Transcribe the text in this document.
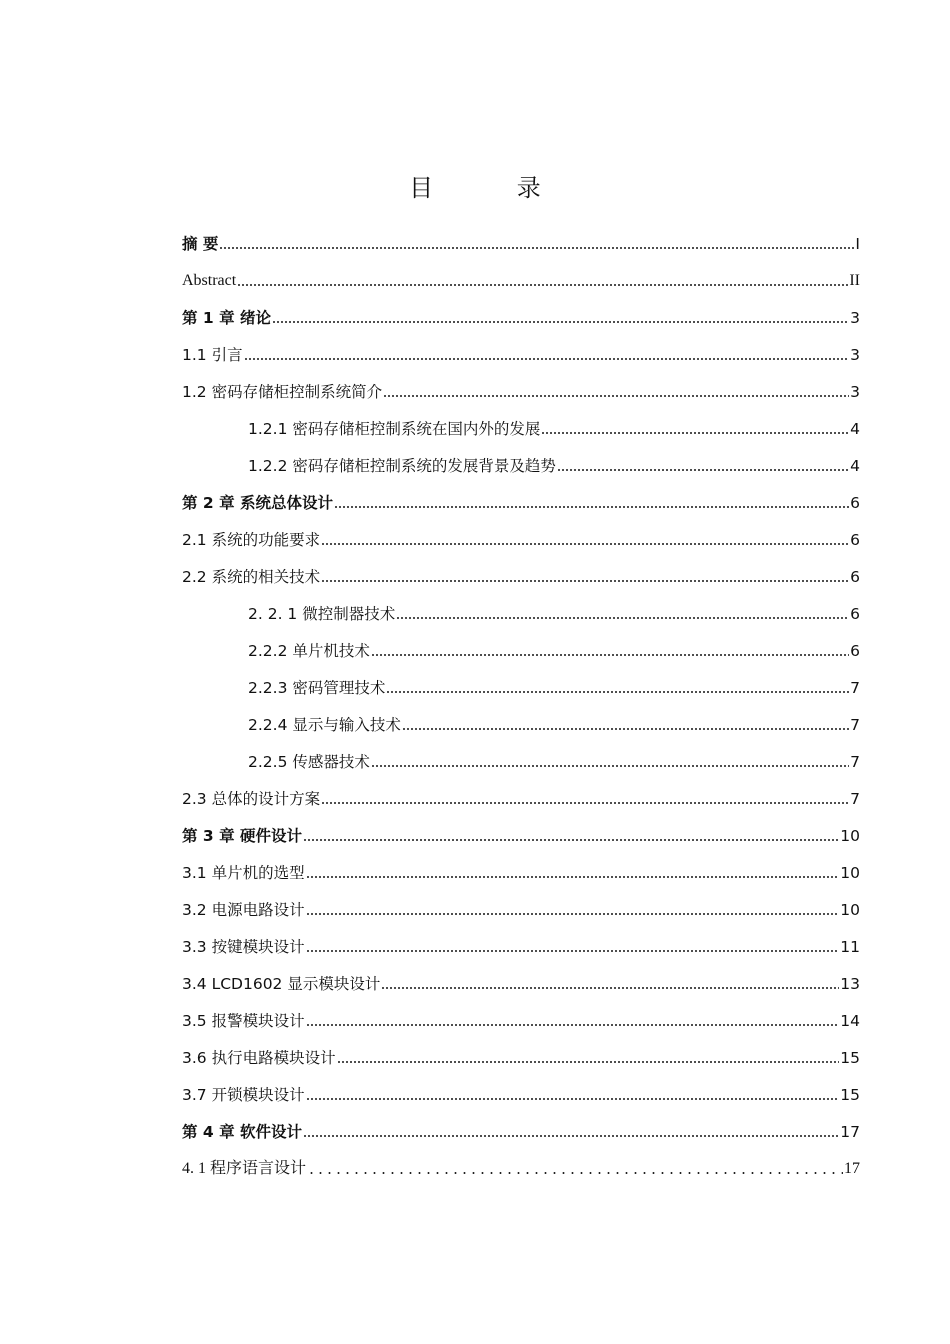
目 录
摘 要	I
Abstract	II
第 1 章 绪论	3
1.1 引言	3
1.2 密码存储柜控制系统简介	3
1.2.1 密码存储柜控制系统在国内外的发展	4
1.2.2 密码存储柜控制系统的发展背景及趋势	4
第 2 章 系统总体设计	6
2.1 系统的功能要求	6
2.2 系统的相关技术	6
2. 2. 1 微控制器技术	6
2.2.2 单片机技术	6
2.2.3 密码管理技术	7
2.2.4 显示与输入技术	7
2.2.5 传感器技术	7
2.3 总体的设计方案	7
第 3 章 硬件设计	10
3.1 单片机的选型	10
3.2 电源电路设计	10
3.3 按键模块设计	11
3.4 LCD1602 显示模块设计	13
3.5 报警模块设计	14
3.6 执行电路模块设计	15
3.7 开锁模块设计	15
第 4 章 软件设计	17
4. 1 程序语言设计	17
